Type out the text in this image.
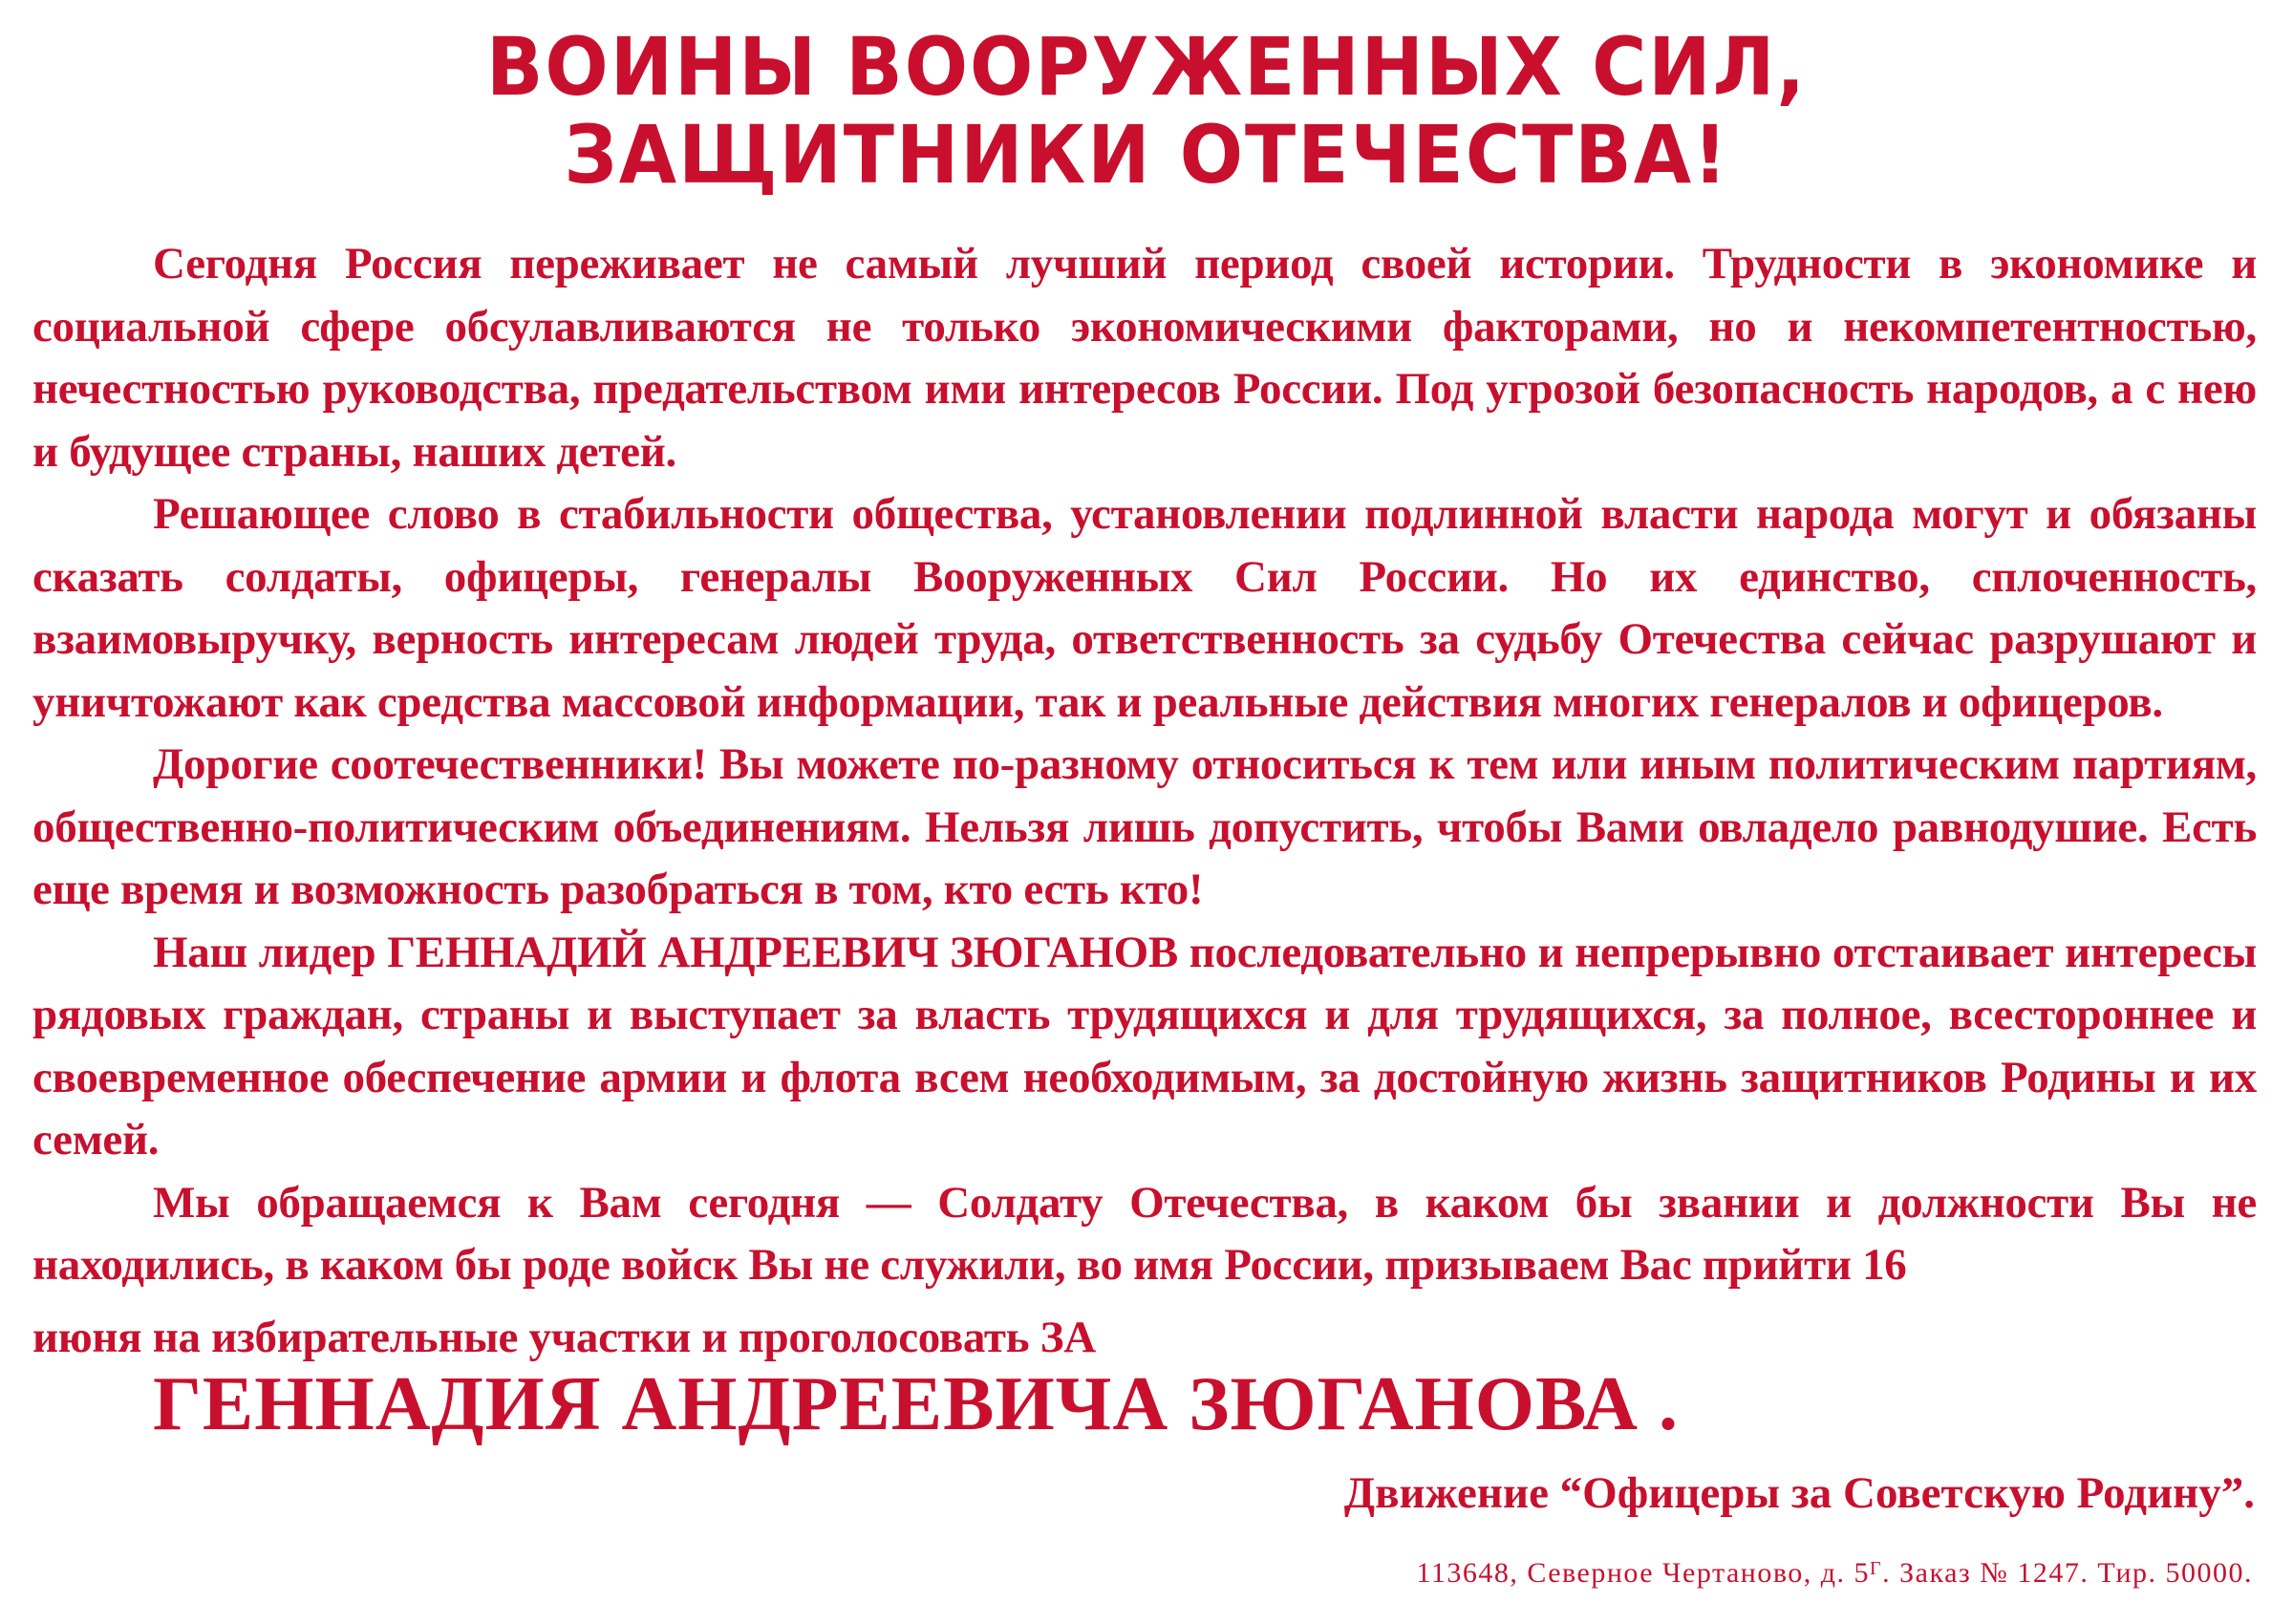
ВОИНЫ ВООРУЖЕННЫХ СИЛ,
ЗАЩИТНИКИ ОТЕЧЕСТВА!

Сегодня Россия переживает не самый лучший период своей истории. Трудности в экономике и социальной сфере обсулавливаются не только экономическими факторами, но и некомпетентностью, нечестностью руководства, предательством ими интересов России. Под угрозой безопасность народов, а с нею и будущее страны, наших детей.

Решающее слово в стабильности общества, установлении подлинной власти народа могут и обязаны сказать солдаты, офицеры, генералы Вооруженных Сил России. Но их единство, сплоченность, взаимовыручку, верность интересам людей труда, ответственность за судьбу Отечества сейчас разрушают и уничтожают как средства массовой информации, так и реальные действия многих генералов и офицеров.

Дорогие соотечественники! Вы можете по-разному относиться к тем или иным политическим партиям, общественно-политическим объединениям. Нельзя лишь допустить, чтобы Вами овладело равнодушие. Есть еще время и возможность разобраться в том, кто есть кто!

Наш лидер ГЕННАДИЙ АНДРЕЕВИЧ ЗЮГАНОВ последовательно и непрерывно отстаивает интересы рядовых граждан, страны и выступает за власть трудящихся и для трудящихся, за полное, всестороннее и своевременное обеспечение армии и флота всем необходимым, за достойную жизнь защитников Родины и их семей.

Мы обращаемся к Вам сегодня — Солдату Отечества, в каком бы звании и должности Вы не находились, в каком бы роде войск Вы не служили, во имя России, призываем Вас прийти 16

июня на избирательные участки и проголосовать ЗА
ГЕННАДИЯ АНДРЕЕВИЧА ЗЮГАНОВА .
Движение “Офицеры за Советскую Родину”.
113648, Северное Чертаново, д. $5^Г$. Заказ № 1247. Тир. 50000.
